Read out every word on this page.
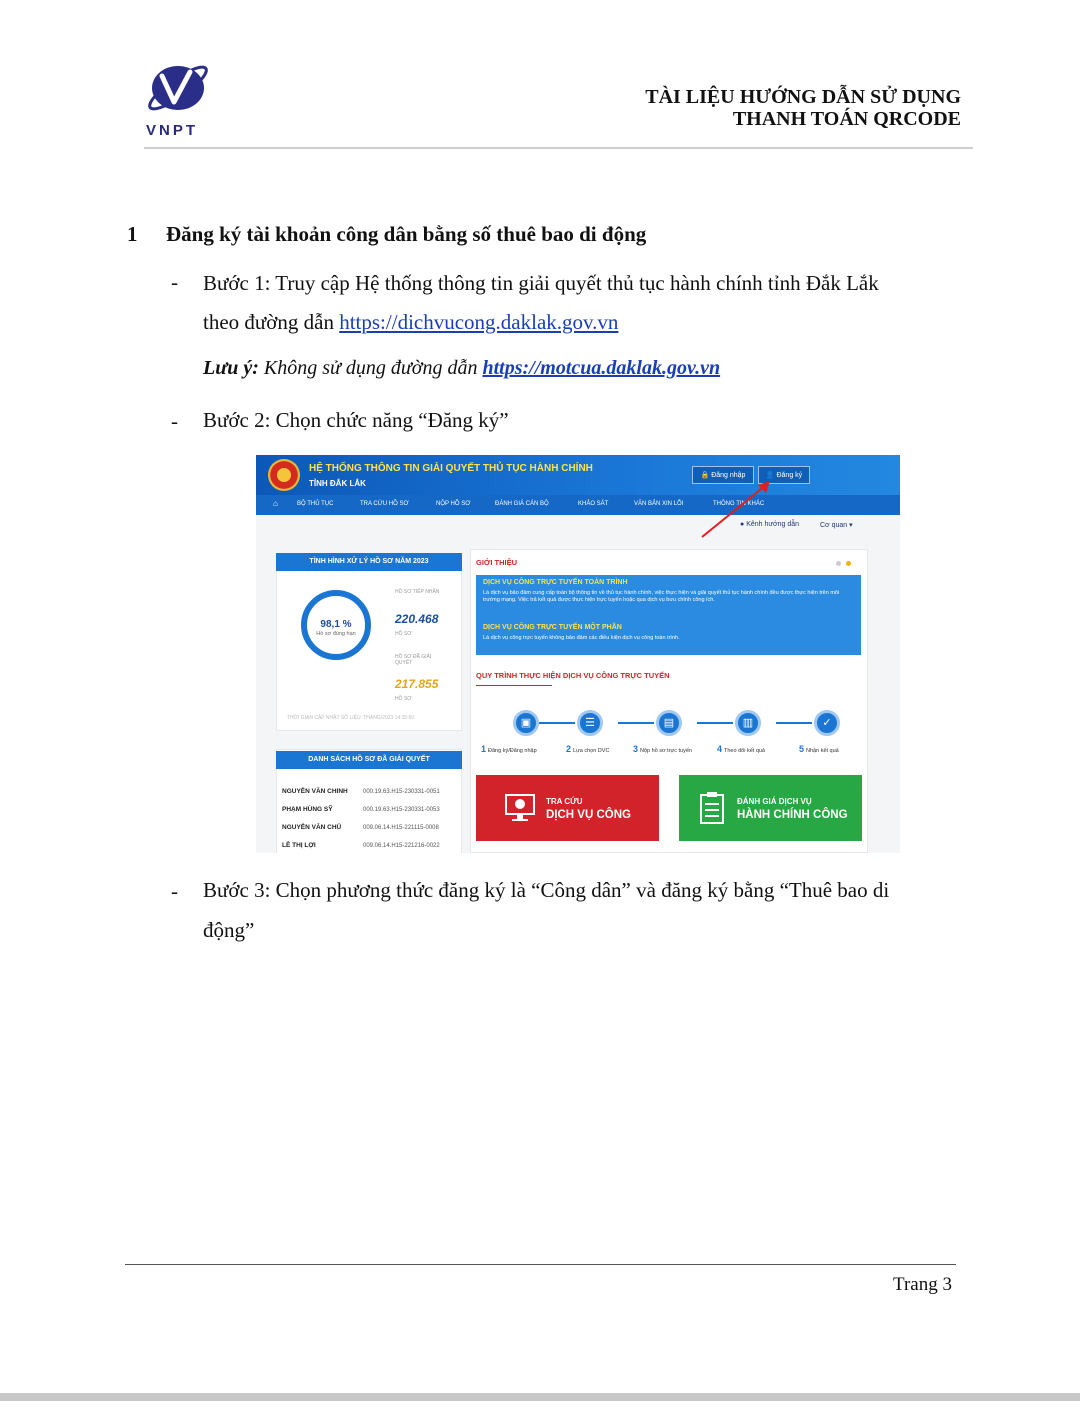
VNPT
TÀI LIỆU HƯỚNG DẪN SỬ DỤNG
THANH TOÁN QRCODE
1 Đăng ký tài khoản công dân bằng số thuê bao di động
- Bước 1: Truy cập Hệ thống thông tin giải quyết thủ tục hành chính tỉnh Đắk Lắk
theo đường dẫn https://dichvucong.daklak.gov.vn
Lưu ý: Không sử dụng đường dẫn https://motcua.daklak.gov.vn
- Bước 2: Chọn chức năng “Đăng ký”
HỆ THỐNG THÔNG TIN GIẢI QUYẾT THỦ TỤC HÀNH CHÍNH
TỈNH ĐẮK LẮK
🔒 Đăng nhập	👤 Đăng ký
⌂	BỘ THỦ TỤC	TRA CỨU HỒ SƠ	NỘP HỒ SƠ	ĐÁNH GIÁ CÁN BỘ	KHẢO SÁT	VĂN BẢN XIN LỖI	THÔNG TIN KHÁC
● Kênh hướng dẫn	Cơ quan ▾
TÌNH HÌNH XỬ LÝ HỒ SƠ NĂM 2023
98,1 %
Hồ sơ đúng hạn
HỒ SƠ TIẾP NHẬN
220.468
HỒ SƠ
HỒ SƠ ĐÃ GIẢI QUYẾT
217.855
HỒ SƠ
THỜI GIAN CẬP NHẬT SỐ LIỆU: THÁNG/2023 14:35:50
DANH SÁCH HỒ SƠ ĐÃ GIẢI QUYẾT
NGUYỄN VĂN CHINH	000.19.63.H15-230331-0051
PHẠM HÙNG SỸ	000.19.63.H15-230331-0053
NGUYỄN VĂN CHỦ	009.06.14.H15-221115-0008
LÊ THỊ LỢI	009.06.14.H15-221216-0022
GIỚI THIỆU
DỊCH VỤ CÔNG TRỰC TUYẾN TOÀN TRÌNH
Là dịch vụ bảo đảm cung cấp toàn bộ thông tin về thủ tục hành chính, việc thực hiện và giải quyết thủ tục hành chính đều được thực hiện trên môi trường mạng. Việc trả kết quả được thực hiện trực tuyến hoặc qua dịch vụ bưu chính công ích.
DỊCH VỤ CÔNG TRỰC TUYẾN MỘT PHẦN
Là dịch vụ công trực tuyến không bảo đảm các điều kiện dịch vụ công toàn trình.
QUY TRÌNH THỰC HIỆN DỊCH VỤ CÔNG TRỰC TUYẾN
▣	☰	▤	▥	✓
1 Đăng ký/Đăng nhập	2 Lựa chọn DVC	3 Nộp hồ sơ trực tuyến	4 Theo dõi kết quả	5 Nhận kết quả
TRA CỨU
DỊCH VỤ CÔNG
ĐÁNH GIÁ DỊCH VỤ
HÀNH CHÍNH CÔNG
- Bước 3: Chọn phương thức đăng ký là “Công dân” và đăng ký bằng “Thuê bao di
động”
Trang 3
